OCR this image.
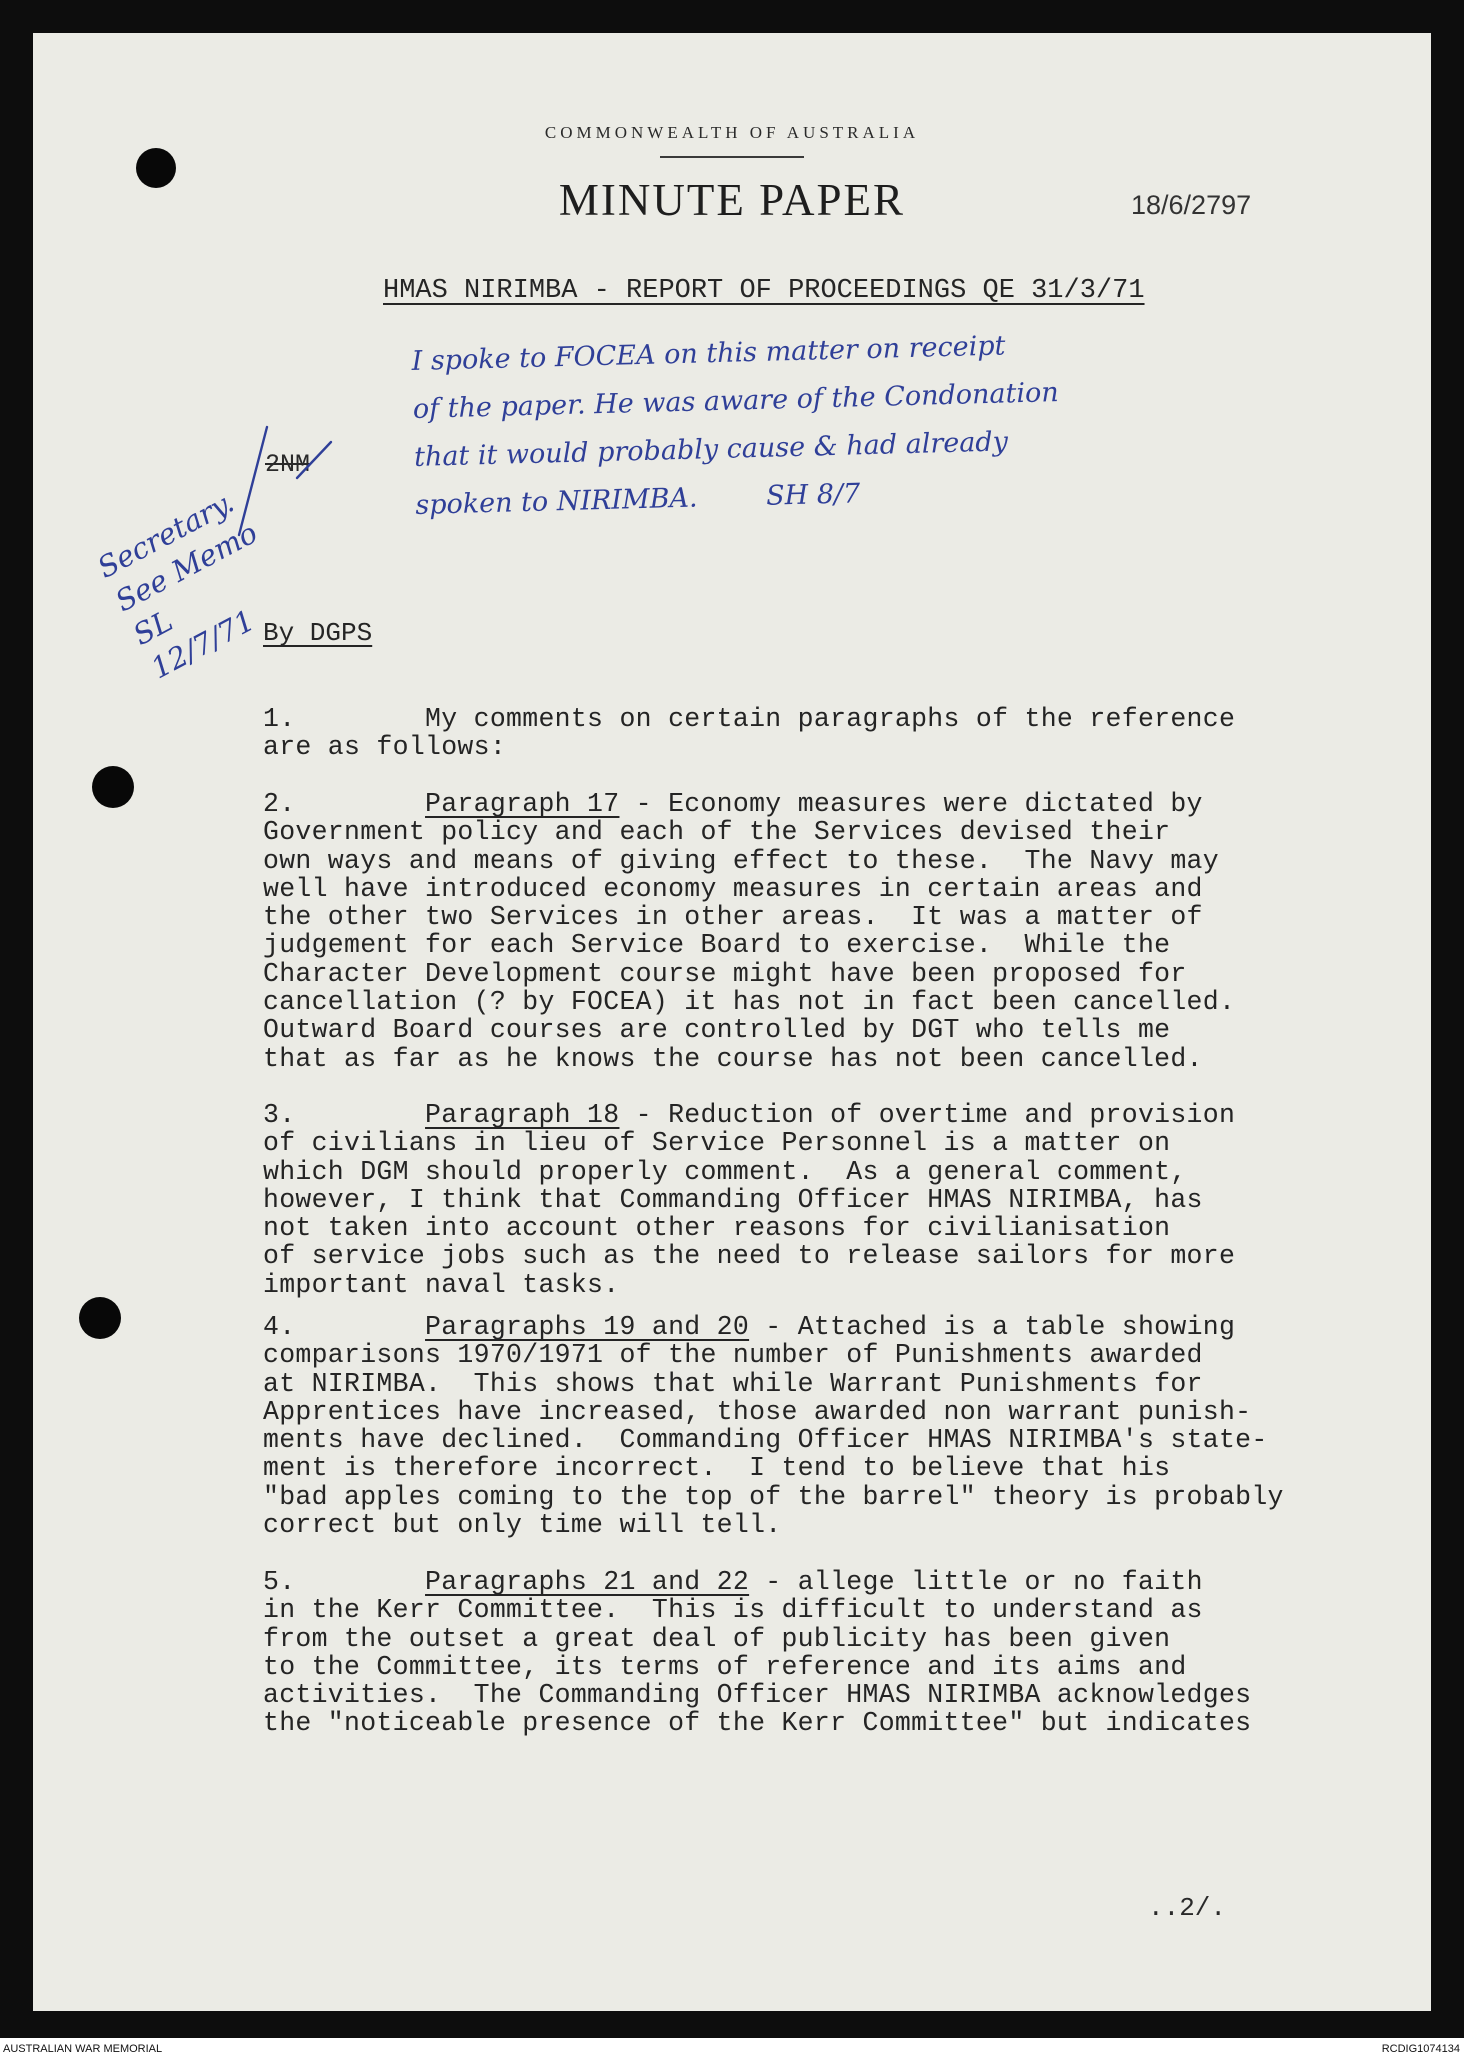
COMMONWEALTH OF AUSTRALIA
MINUTE PAPER	18/6/2797
HMAS NIRIMBA - REPORT OF PROCEEDINGS QE 31/3/71
2NM
By DGPS
1.        My comments on certain paragraphs of the reference
are as follows:
2.        Paragraph 17 - Economy measures were dictated by
Government policy and each of the Services devised their
own ways and means of giving effect to these.  The Navy may
well have introduced economy measures in certain areas and
the other two Services in other areas.  It was a matter of
judgement for each Service Board to exercise.  While the
Character Development course might have been proposed for
cancellation (? by FOCEA) it has not in fact been cancelled.
Outward Board courses are controlled by DGT who tells me
that as far as he knows the course has not been cancelled.
3.        Paragraph 18 - Reduction of overtime and provision
of civilians in lieu of Service Personnel is a matter on
which DGM should properly comment.  As a general comment,
however, I think that Commanding Officer HMAS NIRIMBA, has
not taken into account other reasons for civilianisation
of service jobs such as the need to release sailors for more
important naval tasks.
4.        Paragraphs 19 and 20 - Attached is a table showing
comparisons 1970/1971 of the number of Punishments awarded
at NIRIMBA.  This shows that while Warrant Punishments for
Apprentices have increased, those awarded non warrant punish-
ments have declined.  Commanding Officer HMAS NIRIMBA's state-
ment is therefore incorrect.  I tend to believe that his
"bad apples coming to the top of the barrel" theory is probably
correct but only time will tell.
5.        Paragraphs 21 and 22 - allege little or no faith
in the Kerr Committee.  This is difficult to understand as
from the outset a great deal of publicity has been given
to the Committee, its terms of reference and its aims and
activities.  The Commanding Officer HMAS NIRIMBA acknowledges
the "noticeable presence of the Kerr Committee" but indicates
..2/.
I spoke to FOCEA on this matter on receipt
of the paper. He was aware of the Condonation
that it would probably cause & had already
spoken to NIRIMBA.        SH 8/7
Secretary.
See Memo
SL
12/7/71
AUSTRALIAN WAR MEMORIAL	RCDIG1074134
